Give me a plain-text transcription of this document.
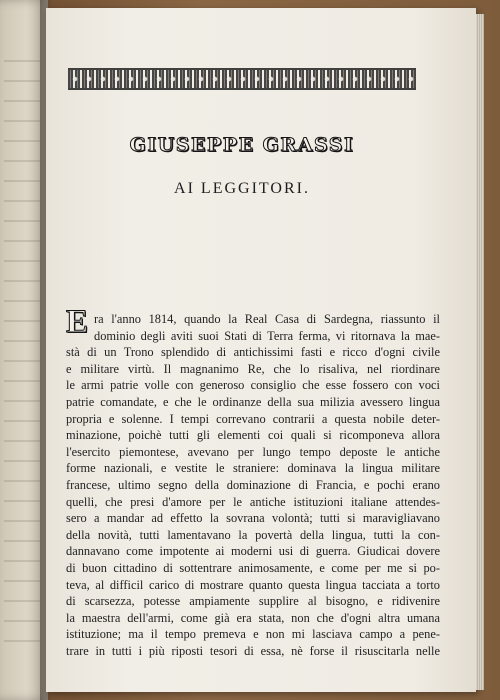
GIUSEPPE GRASSI
AI LEGGITORI.
E ra l'anno 1814, quando la Real Casa di Sardegna, riassunto il
dominio degli aviti suoi Stati di Terra ferma, vi ritornava la mae-
stà di un Trono splendido di antichissimi fasti e ricco d'ogni civile
e militare virtù. Il magnanimo Re, che lo risaliva, nel riordinare
le armi patrie volle con generoso consiglio che esse fossero con voci
patrie comandate, e che le ordinanze della sua milizia avessero lingua
propria e solenne. I tempi correvano contrarii a questa nobile deter-
minazione, poichè tutti gli elementi coi quali si ricomponeva allora
l'esercito piemontese, avevano per lungo tempo deposte le antiche
forme nazionali, e vestite le straniere: dominava la lingua militare
francese, ultimo segno della dominazione di Francia, e pochi erano
quelli, che presi d'amore per le antiche istituzioni italiane attendes-
sero a mandar ad effetto la sovrana volontà; tutti si maravigliavano
della novità, tutti lamentavano la povertà della lingua, tutti la con-
dannavano come impotente ai moderni usi di guerra. Giudicai dovere
di buon cittadino di sottentrare animosamente, e come per me si po-
teva, al difficil carico di mostrare quanto questa lingua tacciata a torto
di scarsezza, potesse ampiamente supplire al bisogno, e ridivenire
la maestra dell'armi, come già era stata, non che d'ogni altra umana
istituzione; ma il tempo premeva e non mi lasciava campo a pene-
trare in tutti i più riposti tesori di essa, nè forse il risuscitarla nelle
